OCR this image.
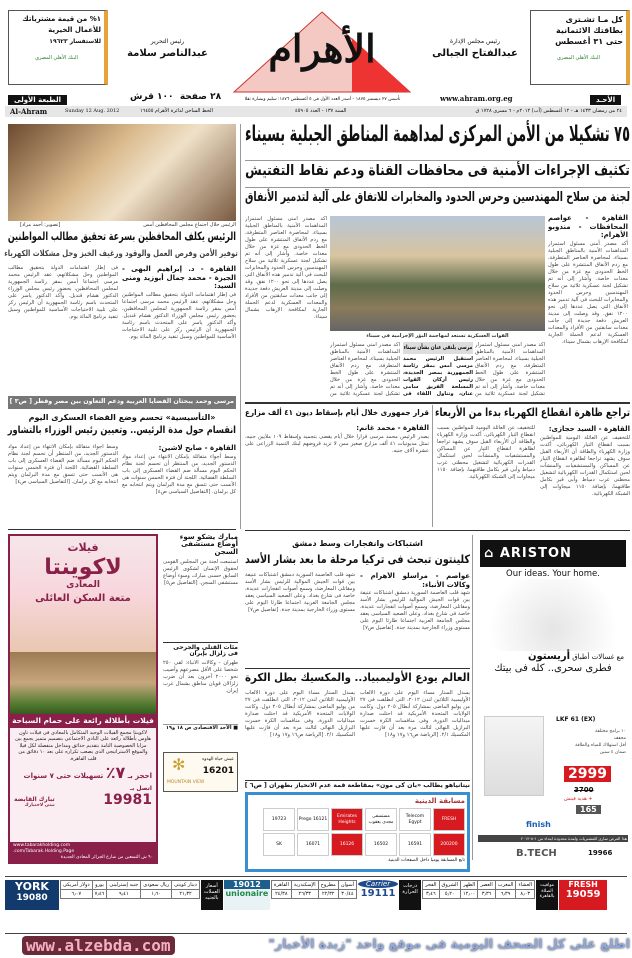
كل مـا تشـترى
بطاقتك الائتمانية
حتى ٣١ أغسطس
البنك الأهلي المصري
١% من قيمة مشترياتك
للأعمال الخيرية
للاستفسار ١٩٦٢٣
البنك الأهلي المصري
رئيس مجلس الإدارة
عبدالفتاح الجبالى
رئيس التحرير
عبدالناصر سلامة	الأهرام
تأسس ٢٧ ديسمبر ١٨٧٥ - أصدر العدد الأول فى ٥ أغسطس ١٨٧٦: سليم وبشارة تقلا	www.ahram.org.eg	الأحـد
الطبعة الأولى	٢٨ صفحة  ١٠٠ قرش
Al-Ahram	Sunday 12 Aug. 2012	الخط الساخن لدائرة الأهرام ١٦٤٥٥	السنة ١٣٧ - العدد ٤٥٩٠٥	٢٤ من رمضان ١٤٣٣ هـ - ١٢ أغسطس (آب) ٢٠١٢م - ٦ مسرى ١٧٢٨ ق
٧٥ تشكيلا من الأمن المركزى لمداهمة المناطق الجبلية بسيناء
تكثيف الإجراءات الأمنية فى محافظات القناة ودعم نقاط التفتيش
لجنة من سلاح المهندسين وحرس الحدود والمخابرات للاتفاق على آلية لتدمير الأنفاق
القاهرة - عواصم المحافظات - مندوبو الأهرام:
أكد مصدر أمنى مسئول استمرار المداهمات الأمنية بالمناطق الجبلية بسيناء، لمحاصرة العناصر المتطرفة، مع ردم الأنفاق المنتشرة على طول الخط الحدودى مع غزة من خلال معدات خاصة. وأشار إلى أنه تم تشكيل لجنة عسكرية ثلاثية من سلاح المهندسين وحرس الحدود والمخابرات للبحث فى آلية تدمير هذه الأنفاق التى يصل عددها إلى نحو ١٢٠٠ نفق. وقد وصلت إلى مدينة العريش دفعة جديدة إلى جانب معدات سابقتين من الأفراد والمعدات العسكرية لدعم الحملة الجارية لمكافحة الإرهاب بشمال سيناء.
القوات العسكرية تستعد لمهاجمة البؤر الإجرامية فى سيناء
أكد مصدر أمنى مسئول استمرار المداهمات الأمنية بالمناطق الجبلية بسيناء، لمحاصرة العناصر المتطرفة، مع ردم الأنفاق المنتشرة على طول الخط الحدودى مع غزة من خلال معدات خاصة. وأشار إلى أنه تم تشكيل لجنة عسكرية ثلاثية من سلاح المهندسين وحرس الحدود والمخابرات للبحث فى آلية تدمير هذه الأنفاق التى يصل عددها إلى نحو ١٢٠٠ نفق. وقد وصلت إلى مدينة العريش دفعة جديدة إلى جانب معدات سابقتين من الأفراد والمعدات العسكرية لدعم الحملة الجارية لمكافحة الإرهاب بشمال سيناء.
أكد مصدر أمنى مسئول استمرار المداهمات الأمنية بالمناطق الجبلية بسيناء، لمحاصرة العناصر المتطرفة، مع ردم الأنفاق المنتشرة على طول الخط الحدودى مع غزة من خلال معدات خاصة. وأشار إلى أنه تم تشكيل لجنة عسكرية ثلاثية من
أكد مصدر أمنى مسئول استمرار المداهمات الأمنية بالمناطق الجبلية بسيناء، لمحاصرة العناصر المتطرفة، مع ردم الأنفاق المنتشرة على طول الخط الحدودى مع غزة من خلال معدات خاصة. وأشار إلى أنه تم تشكيل لجنة عسكرية ثلاثية من
مرسى يلتقى عنان بشأن سيناء
استقبل الرئيس محمد مرسى أمس بمقر رئاسة الجمهورية بمصر الجديدة، رئيس أركان القوات المسلحة الفريق سامى عنان، وتناول اللقاء فى
الرئيس خلال اجتماع مجلس المحافظين أمس
[تصوير: أحمد مراد]
الرئيس يكلف المحافظين بسرعة تحقيق مطالب المواطنين
توفير الأمن وفرص العمل والوقود ورغيف الخبز وحل مشكلات الكهرباء
القاهرة - د. إبراهيم البهى - الجيزة - محمد جمال أبوزيد ومنى السيد:
فى إطار اهتمامات الدولة بتحقيق مطالب المواطنين وحل مشكلاتهم، عقد الرئيس محمد مرسى اجتماعا أمس بمقر رئاسة الجمهورية لمجلس المحافظين، بحضور رئيس مجلس الوزراء الدكتور هشام قنديل. وأكد الدكتور ياسر على المتحدث باسم رئاسة الجمهورية أن الرئيس ركز على تلبية الاحتياجات الأساسية للمواطنين وسبل تنفيذ برنامج المائة يوم.
فى إطار اهتمامات الدولة بتحقيق مطالب المواطنين وحل مشكلاتهم، عقد الرئيس محمد مرسى اجتماعا أمس بمقر رئاسة الجمهورية لمجلس المحافظين، بحضور رئيس مجلس الوزراء الدكتور هشام قنديل. وأكد الدكتور ياسر على المتحدث باسم رئاسة الجمهورية أن الرئيس ركز على تلبية الاحتياجات الأساسية للمواطنين وسبل تنفيذ برنامج المائة يوم.
مرسى وحمد يبحثان القضايا العربية ودعم التعاون بين مصر وقطر [ ص٣ ]
«التأسيسية» تحسم وضع القضاء العسكرى اليوم
انقسام حول مدة الرئيس.. وتعيين رئيس الوزراء بالتشاور
القاهرة - صابح لاشين:
وسط أجواء متفائلة بإمكان الانتهاء من إعداد مواد الدستور الجديد، من المنتظر أن تحسم لجنة نظام الحكم اليوم مسألة ضم القضاء العسكرى إلى باب السلطة القضائية. اللجنة أن فترة الخمس سنوات هى الأنسب حتى تتسق مع مدة البرلمان ويتم انتخابه مع كل برلمان. [التفاصيل السياسى ص٤]
وسط أجواء متفائلة بإمكان الانتهاء من إعداد مواد الدستور الجديد، من المنتظر أن تحسم لجنة نظام الحكم اليوم مسألة ضم القضاء العسكرى إلى باب السلطة القضائية. اللجنة أن فترة الخمس سنوات هى الأنسب حتى تتسق مع مدة البرلمان ويتم انتخابه مع كل برلمان. [التفاصيل السياسى ص٤]
تراجع ظاهرة انقطاع الكهرباء بدءا من الأربعاء
القاهرة - السيد حجازى:
للتخفيف عن العائلة اليومية للمواطنين بسبب انقطاع التيار الكهربائى، أكدت وزارة الكهرباء والطاقة أن الأربعاء القبل سوف يشهد تراجعا لظاهرة انقطاع التيار عن المساكن والمستشفيات والمنشآت لحين استكمال القدرات الكهربائية لتشغيل محطتى غرب دمياط وأبى قير بكامل طاقتهما، بإضافة ١١٥٠ ميجاوات إلى الشبكة الكهربائية.
للتخفيف عن العائلة اليومية للمواطنين بسبب انقطاع التيار الكهربائى، أكدت وزارة الكهرباء والطاقة أن الأربعاء القبل سوف يشهد تراجعا لظاهرة انقطاع التيار عن المساكن والمستشفيات والمنشآت لحين استكمال القدرات الكهربائية لتشغيل محطتى غرب دمياط وأبى قير بكامل طاقتهما، بإضافة ١١٥٠ ميجاوات إلى الشبكة الكهربائية.
قرار جمهورى خلال أيام بإسقاط ديون ٤١ ألف مزارع
القاهرة - محمد غانم:
يصدر الرئيس محمد مرسى قرارا خلال أيام يقضى بتجميد وإسقاط ١٠٩ ملايين جنيه، تمثل مديونيات ٤١ ألف مزارع صغير ممن لا تزيد قروضهم لبنك التنمية الزراعى على عشرة آلاف جنيه.
اشتباكات وانفجارات وسط دمشق
كلينتون تبحث فى تركيا مرحلة ما بعد بشار الأسد
عواصم - مراسلو الأهرام - وكالات الأنباء:
شهد قلب العاصمة السورية دمشق اشتباكات عنيفة بين قوات الجيش الموالية للرئيس بشار الأسد ومقاتلى المعارضة، وسمع أصوات انفجارات عديدة، خاصة فى شارع بغداد. وعلى الصعيد السياسى يعقد مجلس الجامعة العربية اجتماعا طارئا اليوم على مستوى وزراء الخارجية بمدينة جدة. [تفاصيل ص٧]
شهد قلب العاصمة السورية دمشق اشتباكات عنيفة بين قوات الجيش الموالية للرئيس بشار الأسد ومقاتلى المعارضة، وسمع أصوات انفجارات عديدة، خاصة فى شارع بغداد. وعلى الصعيد السياسى يعقد مجلس الجامعة العربية اجتماعا طارئا اليوم على مستوى وزراء الخارجية بمدينة جدة. [تفاصيل ص٧]
العالم يودع الأوليمبياد.. والمكسيك بطل الكرة
يسدل الستار مساء اليوم على دورة الألعاب الأوليمبية الثلاثين لندن ٢٠١٢، التى انطلقت فى ٢٧ من يوليو الماضى بمشاركة أبطال ٢٠٥ دول. وكانت الولايات المتحدة الأمريكية قد احتلت صدارة ميداليات الدورة. وفى منافسات الكرة خسرت البرازيل النهائى لثالث مرة بعد أن فازت عليها المكسيك ٢/١. [الرياضة ص١٦ و١٧ و١٨]
يسدل الستار مساء اليوم على دورة الألعاب الأوليمبية الثلاثين لندن ٢٠١٢، التى انطلقت فى ٢٧ من يوليو الماضى بمشاركة أبطال ٢٠٥ دول. وكانت الولايات المتحدة الأمريكية قد احتلت صدارة ميداليات الدورة. وفى منافسات الكرة خسرت البرازيل النهائى لثالث مرة بعد أن فازت عليها المكسيك ٢/١. [الرياضة ص١٦ و١٧ و١٨]
نيتانياهو يطالب «بان كى مون» بمقاطعة قمة عدم الانحياز بطهران [ ص٦ ]
مسابقة الدينية
FRESH
Telecom Egypt
مستشفى مجدى يعقوب
Emirates Heights
Prego 16121
19723
200200
16591
16502
16126
16071
SK
تابع المسابقة يوميا داخل الصفحات الدينية
فيلات
لاكوينتا
المعادى
متعة السكن العائلى
فيلات بأطلالة رائعة على حمام السباحة
لاكوينتا مجمع الفيلات الوحيد المتكامل بالمعادى فى فيلات تاون هاوس بأطلالة رائعة على النادى الاجتماعى بتصميم متميز يجمع بين مزايا الخصوصية التامة بتقديم حدائق ومداخل منفصلة لكل فيلا والموقع الاستراتيجى الذى يصعب تكراره على بعد ١٠ دقائق من قلب القاهرة.
احجز بـ ٧٪ تسهيلات حتى ٧ سنوات
تبارك القابضة
نبنى لاختيارك
اتصل بـ
19981
www.tabarakholding.com
.com/Tabarak.Holding.Page
٩٠ ش التسعين من شارع الجزائر المعادى الجديدة
مبارك يشكو سوء أوضاع مستشفى السجن
استمعت لجنة من المجلس القومى لحقوق الإنسان لشكوى الرئيس السابق حسنى مبارك، وسوء أوضاع مستشفى السجن. [التفاصيل ص٥]
مئات القتلى والجرحى فى زلزال بإيران
طهران - وكالات الأنباء: لقى ٢٥٠ شخصا على الأقل مصرعهم وأصيب نحو ٢٠٠٠ آخرون بعد أن ضرب زلزالان قويان مناطق بشمال غرب إيران.
■ الأحد الاقتصادى ص ١٨ و١٩
MOUNTAIN VIEW
عيش حياة الهدوء
16201
✻
⌂ ARISTON
Our ideas. Your home.
مع غسالات أطباق أريستون
فطرى سحرى.. كله فى بيتك
LKF 61 (EX)
١٠ برامج مختلفة
مجفف
أقل استهلاك للمياه والطاقة
ضمان ٤ سنين
2999
3700
+ هدية فينش
165
finish
هذا العرض سارى للمشتريات ولمدة محدودة ابتداء من ١-٨-٢٠١٢
B.TECH	19966
YORK
19080
دولار أمريكى	يورو	جنيه إسترلينى	ريال سعودى	دينار كويتى
٦٫٠٧	٧٫٤٦	٩٫٤١	١٫٦٠	٢١٫٣٢
أسعار العملات بالجنيه
19012
unionaire
القاهرة	الإسكندرية	مطروح	أسوان
٢٤/٣٨	٢٦/٣٣	٢٢/٣٢	٣٠/٤٤
Carrier
19111
درجات الحرارة
الفجر	الشروق	الظهر	العصر	المغرب	العشاء
٣٫٤٦	٥٫٢٠	١٢٫٠٠	٣٫٣٦	٦٫٣٩	٨٫٠٣
مواقيت الصلاة بالقاهرة
FRESH
19059
www.alzebda.com	اطلع على كل الصحف اليومية فى موقع واحد "زبدة الأخبار"
